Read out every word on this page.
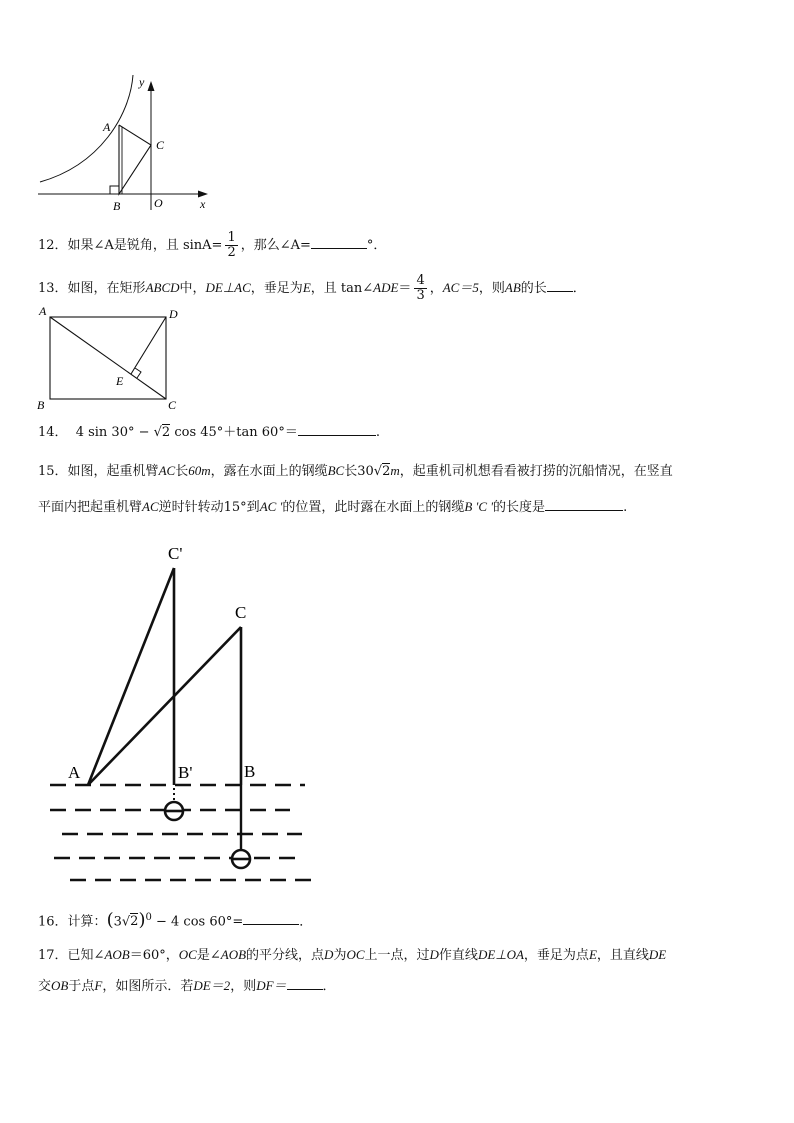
y
x
A
B
C
O
12．如果∠A是锐角，且 $\sin A= \frac{1}{2}$ ，那么∠A=	°．
13．如图，在矩形ABCD中，DE⊥AC，垂足为E，且 tan∠ADE＝ $\frac{4}{3}$ ，AC＝5，则AB的长 ．
A	D
B	C
E
14． 4 sin 30° − √2 cos 45°＋tan 60°＝	.
15．如图，起重机臂AC长60m，露在水面上的钢缆BC长30√2m，起重机司机想看看被打捞的沉船情况，在竖直
平面内把起重机臂AC逆时针转动15°到AC '的位置，此时露在水面上的钢缆B 'C '的长度是	.
C'
C
A	B'	B
16．计算：$(3√2)^0 - 4$ cos 60°=	．
17．已知∠AOB＝60°，OC是∠AOB的平分线，点D为OC上一点，过D作直线DE⊥OA，垂足为点E，且直线DE
交OB于点F，如图所示．若DE＝2，则DF＝	．
